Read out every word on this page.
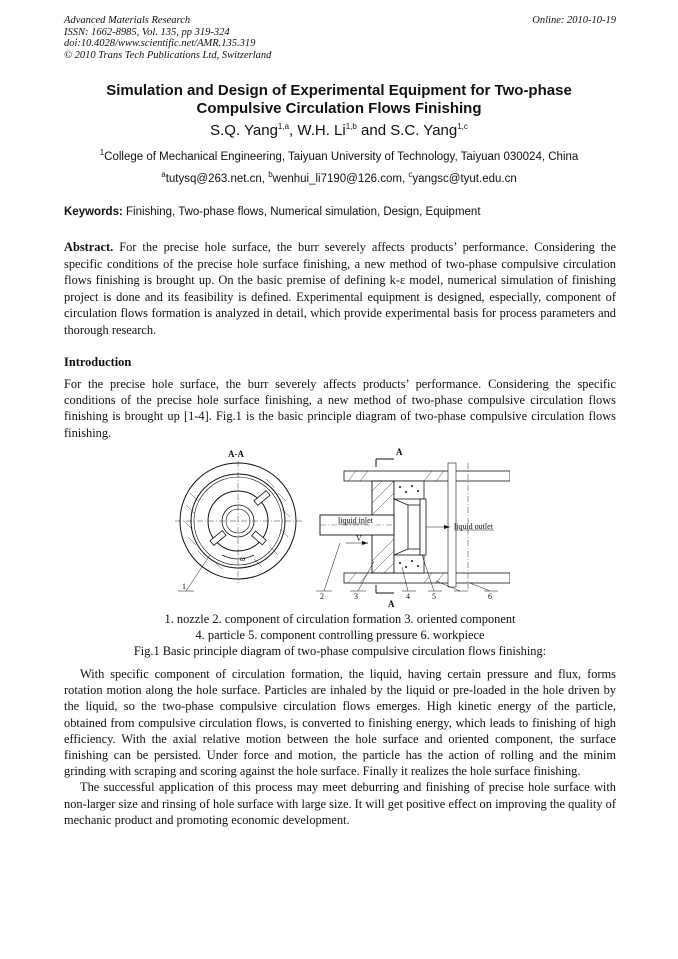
Advanced Materials Research
ISSN: 1662-8985, Vol. 135, pp 319-324
doi:10.4028/www.scientific.net/AMR.135.319
© 2010 Trans Tech Publications Ltd, Switzerland
Online: 2010-10-19
Simulation and Design of Experimental Equipment for Two-phase
Compulsive Circulation Flows Finishing
S.Q. Yang$^{1,a}$, W.H. Li$^{1,b}$ and S.C. Yang$^{1,c}$
$^1$College of Mechanical Engineering, Taiyuan University of Technology, Taiyuan 030024, China
$^a$tutysq@263.net.cn, $^b$wenhui_li7190@126.com, $^c$yangsc@tyut.edu.cn
Keywords: Finishing, Two-phase flows, Numerical simulation, Design, Equipment
Abstract. For the precise hole surface, the burr severely affects products’ performance. Considering the specific conditions of the precise hole surface finishing, a new method of two-phase compulsive circulation flows finishing is brought up. On the basic premise of defining k-ε model, numerical simulation of finishing project is done and its feasibility is defined. Experimental equipment is designed, especially, component of circulation flows formation is analyzed in detail, which provide experimental basis for process parameters and thorough research.
Introduction
For the precise hole surface, the burr severely affects products’ performance. Considering the specific conditions of the precise hole surface finishing, a new method of two-phase compulsive circulation flows finishing is brought up [1-4]. Fig.1 is the basic principle diagram of two-phase compulsive circulation flows finishing.
A-A
ω
1
A
A
liquid inlet
V
liquid outlet
2	3	4	5	6
1. nozzle 2. component of circulation formation 3. oriented component
4. particle 5. component controlling pressure 6. workpiece
Fig.1 Basic principle diagram of two-phase compulsive circulation flows finishing:

With specific component of circulation formation, the liquid, having certain pressure and flux, forms rotation motion along the hole surface. Particles are inhaled by the liquid or pre-loaded in the hole driven by the liquid, so the two-phase compulsive circulation flows emerges. High kinetic energy of the particle, obtained from compulsive circulation flows, is converted to finishing energy, which leads to finishing of high efficiency. With the axial relative motion between the hole surface and oriented component, the surface finishing can be persisted. Under force and motion, the particle has the action of rolling and the minim grinding with scraping and scoring against the hole surface. Finally it realizes the hole surface finishing.

The successful application of this process may meet deburring and finishing of precise hole surface with non-larger size and rinsing of hole surface with large size. It will get positive effect on improving the quality of mechanic product and promoting economic development.
